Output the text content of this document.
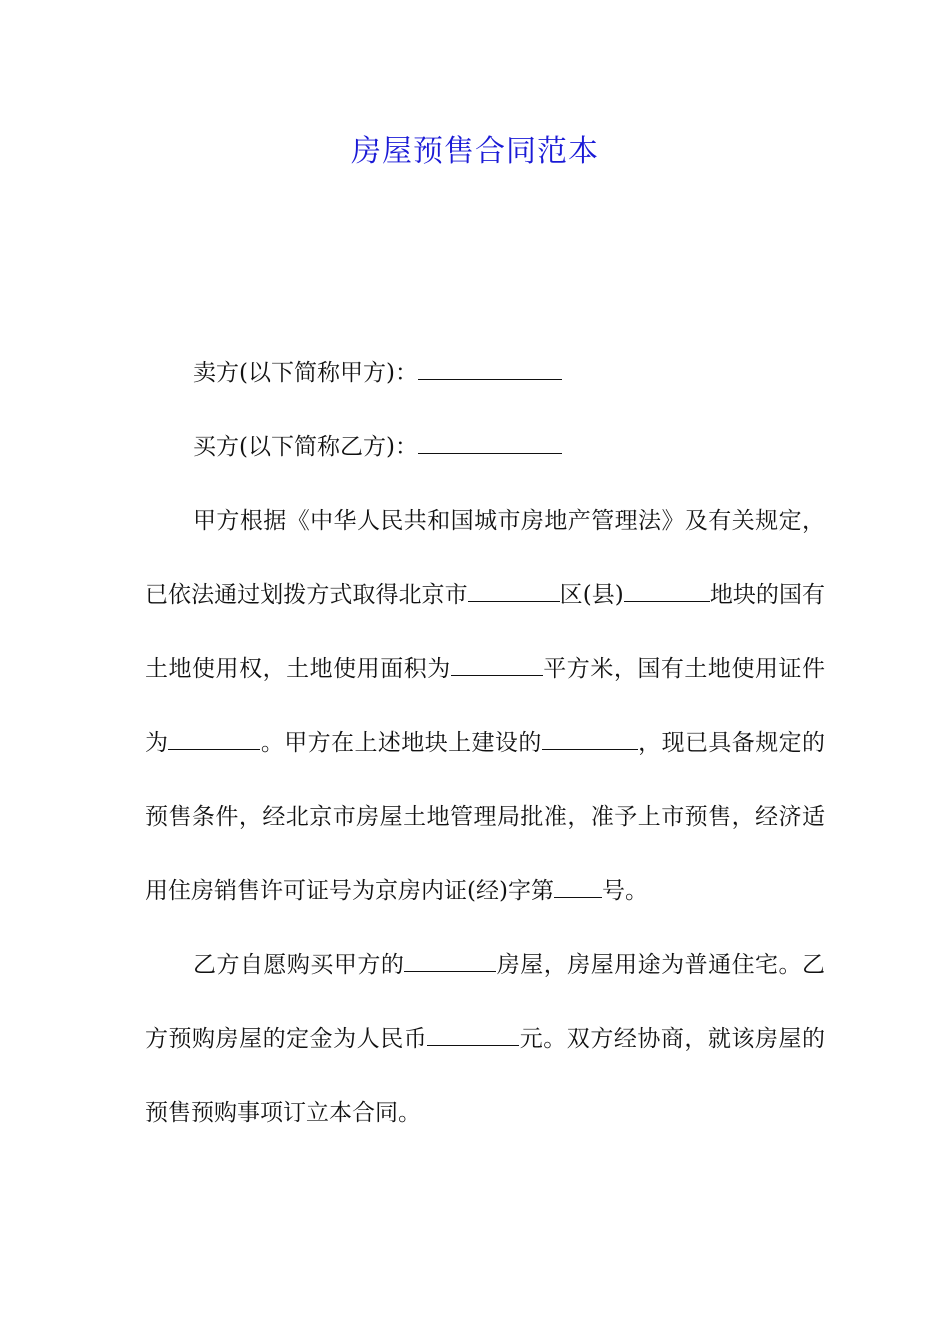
房屋预售合同范本

卖方(以下简称甲方)：

买方(以下简称乙方)：

甲方根据《中华人民共和国城市房地产管理法》及有关规定，已依法通过划拨方式取得北京市	区(县)	地块的国有土地使用权，土地使用面积为	平方米，国有土地使用证件为	。甲方在上述地块上建设的	，现已具备规定的预售条件，经北京市房屋土地管理局批准，准予上市预售，经济适用住房销售许可证号为京房内证(经)字第 号。

乙方自愿购买甲方的	房屋，房屋用途为普通住宅。乙方预购房屋的定金为人民币	元。双方经协商，就该房屋的预售预购事项订立本合同。
